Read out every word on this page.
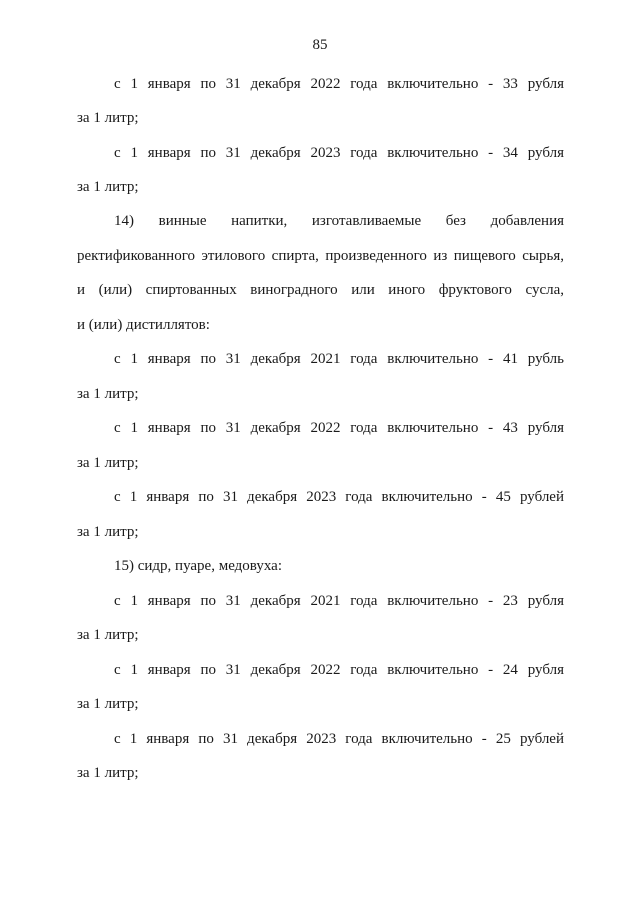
85
с 1 января по 31 декабря 2022 года включительно - 33 рубля
за 1 литр;
с 1 января по 31 декабря 2023 года включительно - 34 рубля
за 1 литр;
14) винные напитки, изготавливаемые без добавления
ректификованного этилового спирта, произведенного из пищевого сырья,
и (или) спиртованных виноградного или иного фруктового сусла,
и (или) дистиллятов:
с 1 января по 31 декабря 2021 года включительно - 41 рубль
за 1 литр;
с 1 января по 31 декабря 2022 года включительно - 43 рубля
за 1 литр;
с 1 января по 31 декабря 2023 года включительно - 45 рублей
за 1 литр;
15) сидр, пуаре, медовуха:
с 1 января по 31 декабря 2021 года включительно - 23 рубля
за 1 литр;
с 1 января по 31 декабря 2022 года включительно - 24 рубля
за 1 литр;
с 1 января по 31 декабря 2023 года включительно - 25 рублей
за 1 литр;
